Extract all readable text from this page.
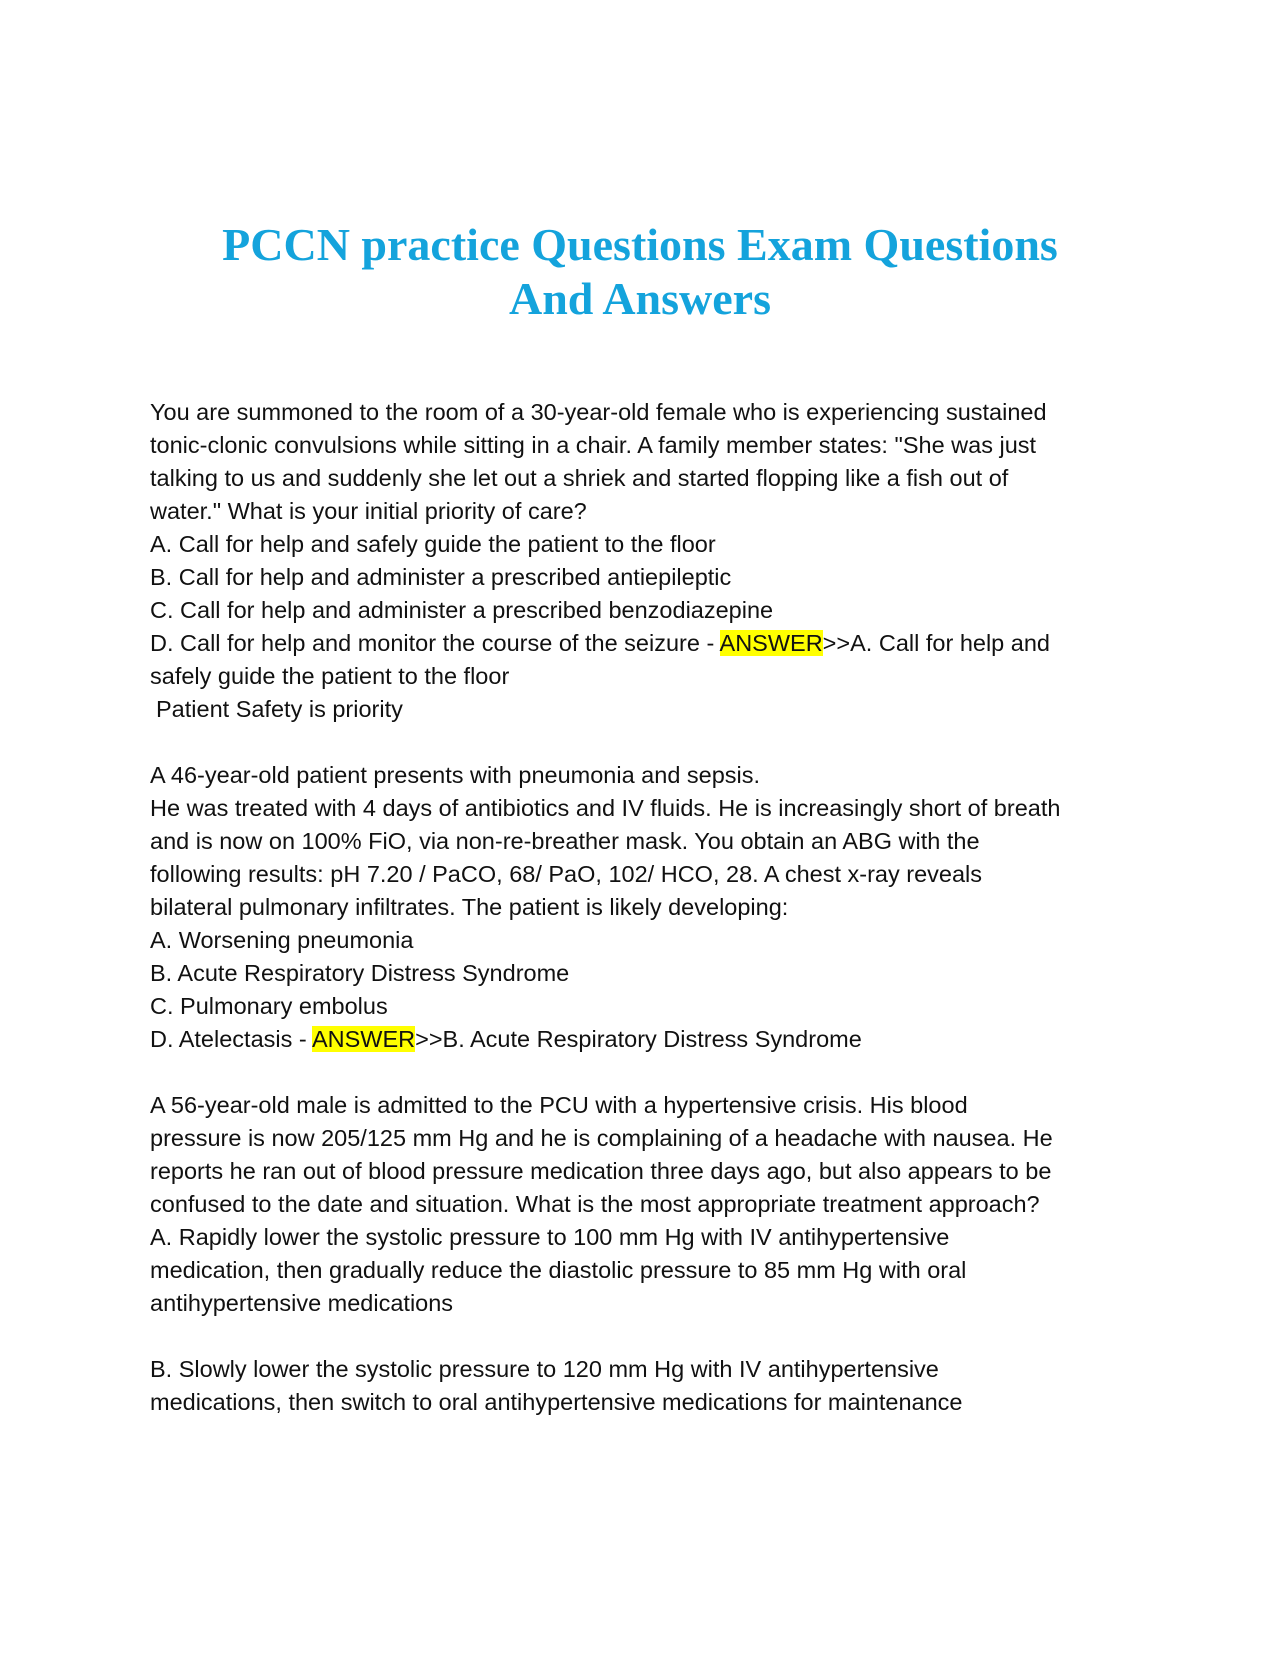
PCCN practice Questions Exam Questions
And Answers
You are summoned to the room of a 30-year-old female who is experiencing sustained
tonic-clonic convulsions while sitting in a chair. A family member states: "She was just
talking to us and suddenly she let out a shriek and started flopping like a fish out of
water." What is your initial priority of care?
A. Call for help and safely guide the patient to the floor
B. Call for help and administer a prescribed antiepileptic
C. Call for help and administer a prescribed benzodiazepine
D. Call for help and monitor the course of the seizure - ANSWER>>A. Call for help and
safely guide the patient to the floor
Patient Safety is priority
A 46-year-old patient presents with pneumonia and sepsis.
He was treated with 4 days of antibiotics and IV fluids. He is increasingly short of breath
and is now on 100% FiO, via non-re-breather mask. You obtain an ABG with the
following results: pH 7.20 / PaCO, 68/ PaO, 102/ HCO, 28. A chest x-ray reveals
bilateral pulmonary infiltrates. The patient is likely developing:
A. Worsening pneumonia
B. Acute Respiratory Distress Syndrome
C. Pulmonary embolus
D. Atelectasis - ANSWER>>B. Acute Respiratory Distress Syndrome
A 56-year-old male is admitted to the PCU with a hypertensive crisis. His blood
pressure is now 205/125 mm Hg and he is complaining of a headache with nausea. He
reports he ran out of blood pressure medication three days ago, but also appears to be
confused to the date and situation. What is the most appropriate treatment approach?
A. Rapidly lower the systolic pressure to 100 mm Hg with IV antihypertensive
medication, then gradually reduce the diastolic pressure to 85 mm Hg with oral
antihypertensive medications
B. Slowly lower the systolic pressure to 120 mm Hg with IV antihypertensive
medications, then switch to oral antihypertensive medications for maintenance
